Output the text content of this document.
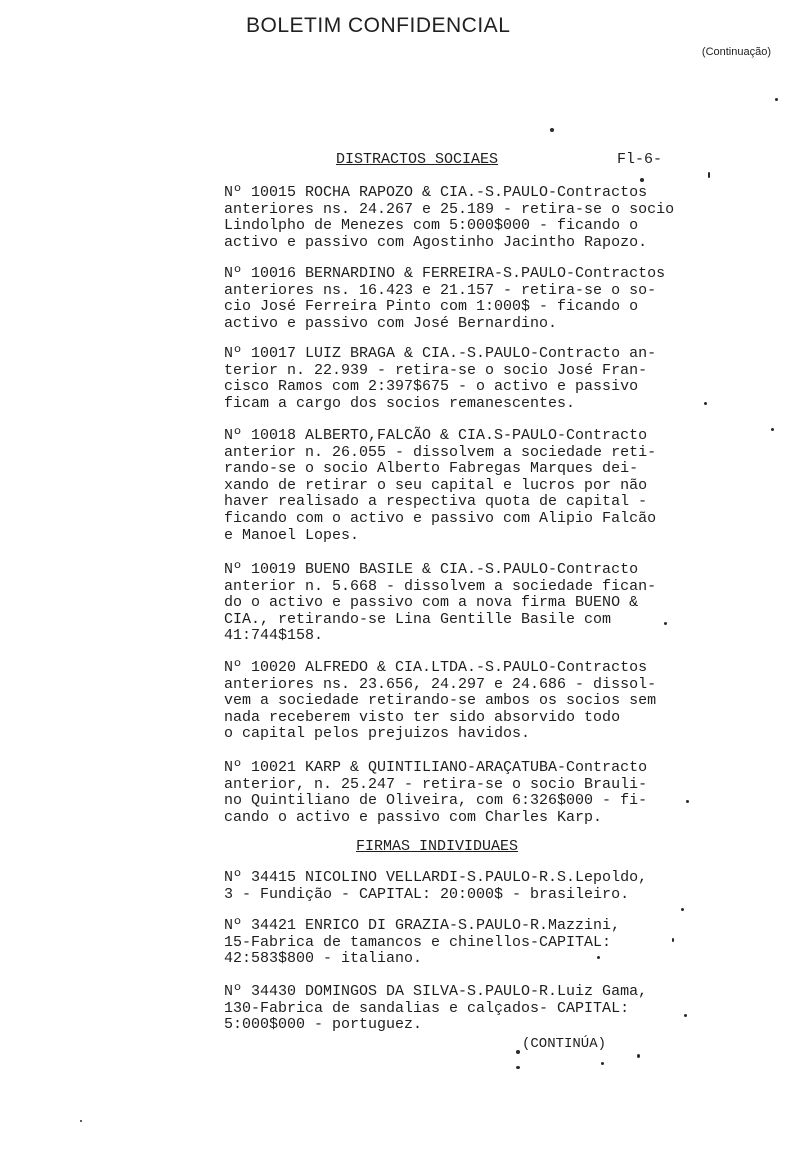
BOLETIM CONFIDENCIAL
(Continuação)
DISTRACTOS SOCIAES	Fl-6-
Nº 10015 ROCHA RAPOZO & CIA.-S.PAULO-Contractos
anteriores ns. 24.267 e 25.189 - retira-se o socio
Lindolpho de Menezes com 5:000$000 - ficando o
activo e passivo com Agostinho Jacintho Rapozo.
Nº 10016 BERNARDINO & FERREIRA-S.PAULO-Contractos
anteriores ns. 16.423 e 21.157 - retira-se o so-
cio José Ferreira Pinto com 1:000$ - ficando o
activo e passivo com José Bernardino.
Nº 10017 LUIZ BRAGA & CIA.-S.PAULO-Contracto an-
terior n. 22.939 - retira-se o socio José Fran-
cisco Ramos com 2:397$675 - o activo e passivo
ficam a cargo dos socios remanescentes.
Nº 10018 ALBERTO,FALCÃO & CIA.S-PAULO-Contracto
anterior n. 26.055 - dissolvem a sociedade reti-
rando-se o socio Alberto Fabregas Marques dei-
xando de retirar o seu capital e lucros por não
haver realisado a respectiva quota de capital -
ficando com o activo e passivo com Alipio Falcão
e Manoel Lopes.
Nº 10019 BUENO BASILE & CIA.-S.PAULO-Contracto
anterior n. 5.668 - dissolvem a sociedade fican-
do o activo e passivo com a nova firma BUENO &
CIA., retirando-se Lina Gentille Basile com
41:744$158.
Nº 10020 ALFREDO & CIA.LTDA.-S.PAULO-Contractos
anteriores ns. 23.656, 24.297 e 24.686 - dissol-
vem a sociedade retirando-se ambos os socios sem
nada receberem visto ter sido absorvido todo
o capital pelos prejuizos havidos.
Nº 10021 KARP & QUINTILIANO-ARAÇATUBA-Contracto
anterior, n. 25.247 - retira-se o socio Brauli-
no Quintiliano de Oliveira, com 6:326$000 - fi-
cando o activo e passivo com Charles Karp.
FIRMAS INDIVIDUAES
Nº 34415 NICOLINO VELLARDI-S.PAULO-R.S.Lepoldo,
3 - Fundição - CAPITAL: 20:000$ - brasileiro.
Nº 34421 ENRICO DI GRAZIA-S.PAULO-R.Mazzini,
15-Fabrica de tamancos e chinellos-CAPITAL:
42:583$800 - italiano.
Nº 34430 DOMINGOS DA SILVA-S.PAULO-R.Luiz Gama,
130-Fabrica de sandalias e calçados- CAPITAL:
5:000$000 - portuguez.
(CONTINÚA)
